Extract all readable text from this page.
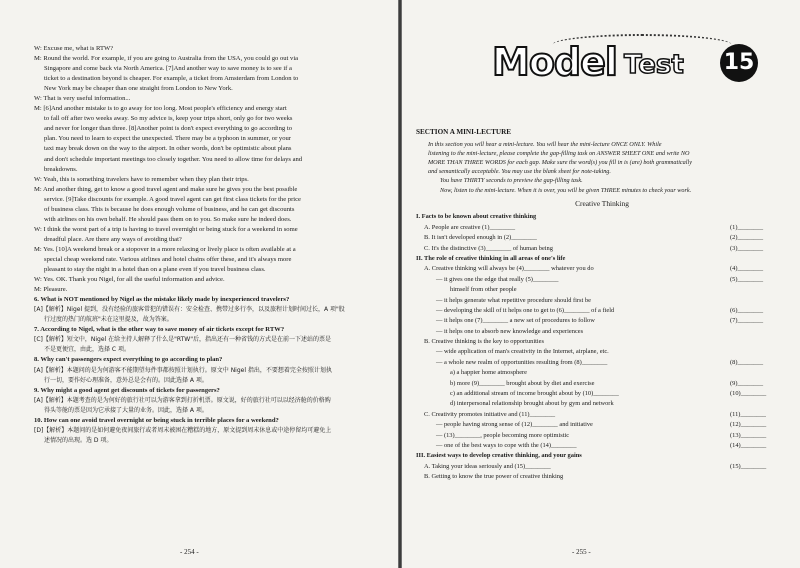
W: Excuse me, what is RTW?
M: Round the world. For example, if you are going to Australia from the USA, you could go out via
Singapore and come back via North America. [7]And another way to save money is to see if a
ticket to a destination beyond is cheaper. For example, a ticket from Amsterdam from London to
New York may be cheaper than one straight from London to New York.
W: That is very useful information...
M: [6]And another mistake is to go away for too long. Most people's efficiency and energy start
to fall off after two weeks away. So my advice is, keep your trips short, only go for two weeks
and never for longer than three. [8]Another point is don't expect everything to go according to
plan. You need to learn to expect the unexpected. There may be a typhoon in summer, or your
taxi may break down on the way to the airport. In other words, don't be optimistic about plans
and don't schedule important meetings too closely together. You need to allow time for delays and
breakdowns.
W: Yeah, this is something travelers have to remember when they plan their trips.
M: And another thing, get to know a good travel agent and make sure he gives you the best possible
service. [9]Take discounts for example. A good travel agent can get first class tickets for the price
of business class. This is because he does enough volume of business, and he can get discounts
with airlines on his own behalf. He should pass them on to you. So make sure he indeed does.
W: I think the worst part of a trip is having to travel overnight or being stuck for a weekend in some
dreadful place. Are there any ways of avoiding that?
M: Yes. [10]A weekend break or a stopover in a more relaxing or lively place is often available at a
special cheap weekend rate. Various airlines and hotel chains offer these, and it's always more
pleasant to stay the night in a hotel than on a plane even if you travel business class.
W: Yes. OK. Thank you Nigel, for all the useful information and advice.
M: Pleasure.
6. What is NOT mentioned by Nigel as the mistake likely made by inexperienced travelers?
[A]【解析】Nigel 提到，没有经验的旅客常犯的错误有：安全检查、携带过多行李，以及旅程计划时间过长，A 项"股
行过度的热门的航班"未在这里提及，故为答案。
7. According to Nigel, what is the other way to save money of air tickets except for RTW?
[C]【解析】短文中，Nigel 在给主持人解释了什么是"RTW"后，指出还有一种省钱的方式是在前一下述站的票是
不是更便宜，由此，选择 C 项。
8. Why can't passengers expect everything to go according to plan?
[A]【解析】本题问的是为何游客不能期望每件事都按照计划执行。原文中 Nigel 指出，不要想着完全按照计划执
行一切，要作好心理准备，意外总是会有的。因此选择 A 项。
9. Why might a good agent get discounts of tickets for passengers?
[A]【解析】本题考查的是为何好的旅行社可以为游客拿到打折机票。原文说，好的旅行社可以以经济舱的价格购
得头等舱的票是因为它承接了大量的业务。因此，选择 A 项。
10. How can one avoid travel overnight or being stuck in terrible places for a weekend?
[D]【解析】本题问的是如何避免夜间旅行或者周末被困在糟糕的地方，原文提到周末休息或中途停留均可避免上
述情况的出现。选 D 项。
- 254 -
Model Test 15
SECTION A MINI-LECTURE
In this section you will hear a mini-lecture. You will hear the mini-lecture ONCE ONLY. While
listening to the mini-lecture, please complete the gap-filling task on ANSWER SHEET ONE and write NO
MORE THAN THREE WORDS for each gap. Make sure the word(s) you fill in is (are) both grammatically
and semantically acceptable. You may use the blank sheet for note-taking.
You have THIRTY seconds to preview the gap-filling task.
Now, listen to the mini-lecture. When it is over, you will be given THREE minutes to check your work.
Creative Thinking
I. Facts to be known about creative thinking
A. People are creative (1)________	(1)________
B. It isn't developed enough in (2)________	(2)________
C. It's the distinctive (3)________ of human being	(3)________
II. The role of creative thinking in all areas of one's life
A. Creative thinking will always be (4)________ whatever you do	(4)________
— it gives one the edge that really (5)________	(5)________
himself from other people
— it helps generate what repetitive procedure should first be
— developing the skill of it helps one to get to (6)________ of a field	(6)________
— it helps one (7)________ a new set of procedures to follow	(7)________
— it helps one to absorb new knowledge and experiences
B. Creative thinking is the key to opportunities
— wide application of man's creativity in the Internet, airplane, etc.
— a whole new realm of opportunities resulting from (8)________	(8)________
a) a happier home atmosphere
b) more (9)________ brought about by diet and exercise	(9)________
c) an additional stream of income brought about by (10)________	(10)________
d) interpersonal relationship brought about by gym and network
C. Creativity promotes initiative and (11)________	(11)________
— people having strong sense of (12)________ and initiative	(12)________
— (13)________, people becoming more optimistic	(13)________
— one of the best ways to cope with the (14)________	(14)________
III. Easiest ways to develop creative thinking, and your gains
A. Taking your ideas seriously and (15)________	(15)________
B. Getting to know the true power of creative thinking
- 255 -
